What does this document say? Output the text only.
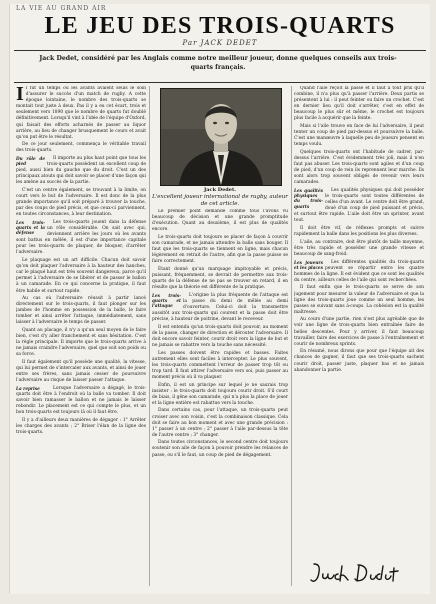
LA VIE AU GRAND AIR
LE JEU DES TROIS-QUARTS
Par JACK DEDET

Jack Dedet, considéré par les Anglais comme notre meilleur joueur, donne quelques conseils aux trois-quarts français.

Il fut un temps où les avants avaient seuls le soin d'assurer le succès d'un match de rugby. A cette époque lointaine, le nombre des trois-quarts se montait tout juste à deux. Pas il y a eu cet écart, trois et seulement vers 1890 que le nombre de quarts fut doublé définitivement. Lorsqu'il vint à l'idée de l'équipe d'Oxford, qui faisait des efforts acharnés de passer au liquor arrière, au lieu de changer brusquement le cours et avait qu'on put être le résultat.

De ce jour seulement, commença le véritable travail des trois-quarts.

Du rôle de pied
Il importe au plus haut point que tous les trois-quarts possèdent un excellent coup de pied, aussi bien du gauche que du droit. C'est un des principaux atouts qui doit savoir se placer d'une façon qui les amène au succès de la partie.

C'est un centre également, se trouvant à la limite, on court vers le but de l'adversaire. Il est donc de la plus grande importance qu'il soit préparé à trouver la touche, par des coups de pied précis, et que ceux-ci parviennent, en toutes circonstances, à leur destination.

Les trois-quarts et la défense
Les trois-quarts jouent dans la défense un rôle considérable. On sait avec qui, deviennent arrière les jours où les avants sont battus en mêlée, il est d'une importance capitale pour les trois-quarts de plaquer, de bloquer, d'arrêter l'adversaire.

Le plaquage est un art difficile. Chacun doit savoir qu'on doit plaquer l'adversaire à la hauteur des hanches, car le plaqué haut est très souvent dangereux, parce qu'il permet à l'adversaire de se libérer et de passer le ballon à un camarade. En ce qui concerne la pratique, il faut être habile et surtout rapide.

Au cas où l'adversaire réussit à partir lancé directement sur le trois-quarts, il faut plonger sur les jambes de l'homme en possession de la balle, le faire tomber et ainsi arrêter l'attaque, immédiatement, sans laisser à l'adversaire le temps de passer.

Quant au placage, il n'y a qu'un seul moyen de le faire bien, c'est d'y aller franchement et sans hésitation. C'est la règle principale. Il importe que le trois-quarts arrive à ne jamais craindre l'adversaire, quel que soit son poids ou sa force.

Il faut également qu'il possède une qualité, la vitesse, qui lui permet de s'intercaler aux avants, et ainsi de jouer entre ses frères, sans jamais cesser de poursuivre l'adversaire au risque de laisser passer l'attaque.

La reprise	Lorsque l'adversaire a dégagé, le trois-quarts doit être à l'endroit où la balle va tomber. Il doit savoir bien ramasser le ballon et ne jamais le laisser rebondir. Le placement est ce qui compte le plus, et un bon trois-quarts est toujours là où il faut être.

Il y a d'ailleurs deux manières de dégager : 1° Arrêter les charges des avants ; 2° Briser l'élan de la ligne des trois-quarts.

Jack Dedet.

L'excellent joueur international de rugby, auteur de cet article.

Le premier point demande comme tous l'avons vu beaucoup de décision et une grande promptitude d'exécution. Quant au deuxième, il est plus de qualités encore.

Le trois-quarts doit toujours se placer de façon à couvrir son camarade, et ne jamais attendre la balle sans bouger. Il faut que les trois-quarts se tiennent en ligne, mais chacun légèrement en retrait de l'autre, afin que la passe puisse se faire correctement.

Étant donné qu'un marquage impitoyable et précis, puissant, fréquemment, se devrait de permettre aux trois-quarts de la défense de ne pas se trouver en retard, il en résulte que la théorie est différente de la pratique.

Les trois-quarts et l'attaque
L'origine la plus fréquente de l'attaque est la passe du demi de mêlée au demi d'ouverture. Celui-ci doit la transmettre aussitôt aux trois-quarts qui courent et la passe doit être précise, à hauteur de poitrine, devant le receveur.

Il est entendu qu'un trois-quarts doit pouvoir, au moment de la passe, changer de direction et dérouter l'adversaire. Il doit encore savoir feinter, courir droit vers la ligne de but et ne jamais se rabattre vers la touche sans nécessité.

Les passes doivent être rapides et basses. Faites autrement elles sont faciles à intercepter. Le plus souvent, les trois-quarts commettent l'erreur de passer trop tôt ou trop tard. Il faut attirer l'adversaire vers soi, puis passer au moment précis où il va plaquer.

Enfin, il est un principe sur lequel je ne saurais trop insister : le trois-quarts doit toujours courir droit. S'il court de biais, il gêne son camarade, qui n'a plus la place de jouer et la ligne entière est rabattue vers la touche.

Dans certains cas, pour l'attaque, un trois-quarts peut croiser avec son voisin, c'est la combinaison classique. Cela doit se faire au bon moment et avec une grande précision : 1° passer à un centre ; 2° passer à l'aile par-dessus la tête de l'autre centre ; 3° changer.

Dans toutes circonstances, le second centre doit toujours soutenir son aile de façon à pouvoir prendre les relances de passe, ou s'il le faut, un coup de pied de dégagement.

Quand l'aile reçoit la passe et il faut à tout prix qu'il combine, il n'a plus qu'à passer l'arrière. Deux partis se présentent à lui : il peut feinter ou faire un crochet. C'est en dernier lieu qu'il doit s'arrêter, c'est en effet de beaucoup le plus sûr et même, le crochet est toujours plus facile à acquérir que la feinte.

Mais si l'aile trouve en face de lui l'adversaire, il peut tenter un coup de pied par-dessus et poursuivre la balle. C'est une manœuvre à laquelle peu de joueurs pensent en temps voulu.

Quelques trois-quarts ont l'habitude de cadrer, par-dessus l'arrière. C'est évidemment très joli, mais il n'en faut pas abuser. Les trois-quarts sont agiles et d'un coup de pied, d'un coup de rein ils reprennent leur marche. Ils sont alors trop souvent obligés de revenir vers leurs camarades.

Les qualités physiques du trois-quarts
Les qualités physiques qui doit posséder le trois-quarts sont toutes différentes de celles d'un avant. Le centre doit être grand, doué d'un coup de pied puissant et précis, et surtout être rapide. L'aile doit être un sprinter, avant tout.

Il doit être vif, de réflexes prompts et suivre rapidement la balle dans les positions les plus diverses.

L'aile, au contraire, doit être plutôt de taille moyenne, être très rapide et posséder une grande vitesse et beaucoup de sang-froid.

Les joueurs et les places
Les différentes qualités du trois-quarts peuvent se répartir entre les quatre hommes de la ligne. Il est évident que ce sont les qualités du centre, ailleurs celles de l'aile qui sont recherchées.

Il faut enfin que le trois-quarts se serve de son jugement pour mesurer la valeur de l'adversaire et que la ligne des trois-quarts joue comme un seul homme, les passes se suivant sans à-coups. La cohésion est la qualité maîtresse.

Au cours d'une partie, rien n'est plus agréable que de voir une ligne de trois-quarts bien entraînée faire de belles descentes. Pour y arriver, il faut beaucoup travailler, faire des exercices de passe à l'entraînement et courir de nombreux sprints.

En résumé, nous dirons que pour que l'équipe ait des chances de gagner, il faut que ses trois-quarts sachent courir droit, passer juste, plaquer bas et ne jamais abandonner la partie.
